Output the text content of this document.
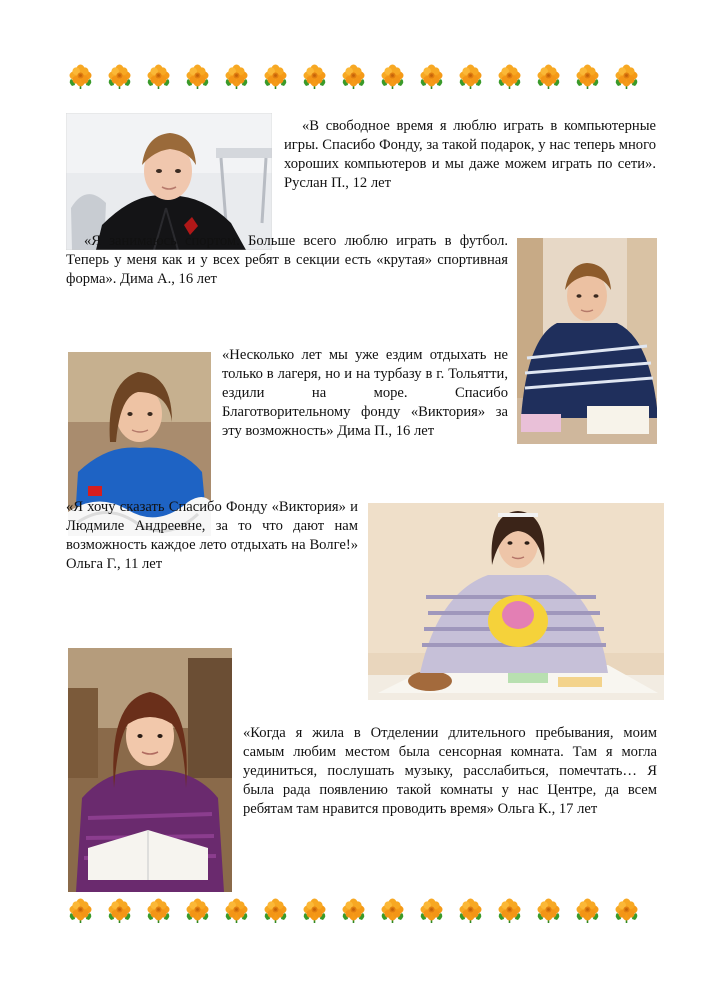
«В свободное время я люблю играть в компьютерные игры. Спасибо Фонду, за такой подарок, у нас теперь много хороших компьютеров и мы даже можем играть по сети». Руслан П., 12 лет

«Я занимаюсь спортом. Больше всего люблю играть в футбол. Теперь у меня как и у всех ребят в секции есть «крутая» спортивная форма». Дима А., 16 лет

«Несколько лет мы уже ездим отдыхать не только в лагеря, но и на турбазу в г. Тольятти, ездили на море. Спасибо Благотворительному фонду «Виктория» за эту возможность» Дима П., 16 лет

«Я хочу сказать Спасибо Фонду «Виктория» и Людмиле Андреевне, за то что дают нам возможность каждое лето отдыхать на Волге!» Ольга Г., 11 лет

«Когда я жила в Отделении длительного пребывания, моим самым любим местом была сенсорная комната. Там я могла уединиться, послушать музыку, расслабиться, помечтать… Я была рада появлению такой комнаты у нас Центре, да всем ребятам там нравится проводить время» Ольга К., 17 лет
